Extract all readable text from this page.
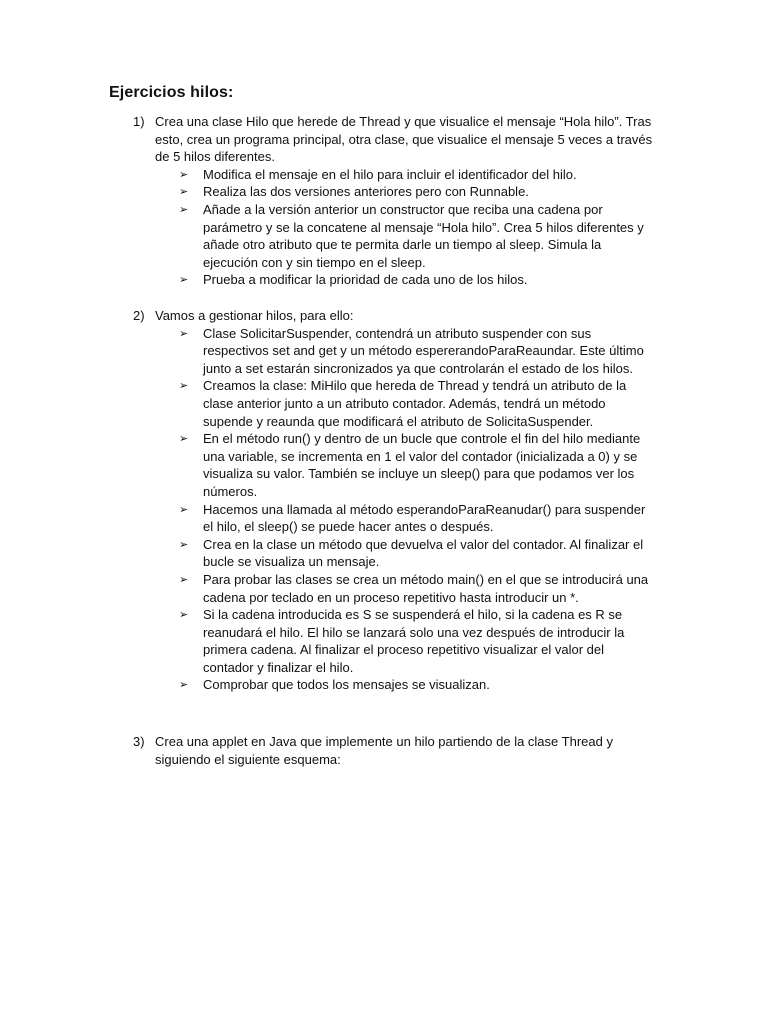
Ejercicios hilos:
1) Crea una clase Hilo que herede de Thread y que visualice el mensaje “Hola hilo”. Tras esto, crea un programa principal, otra clase, que visualice el mensaje 5 veces a través de 5 hilos diferentes.
➢	Modifica el mensaje en el hilo para incluir el identificador del hilo.
➢	Realiza las dos versiones anteriores pero con Runnable.
➢	Añade a la versión anterior un constructor que reciba una cadena por parámetro y se la concatene al mensaje “Hola hilo”. Crea 5 hilos diferentes y añade otro atributo que te permita darle un tiempo al sleep. Simula la ejecución con y sin tiempo en el sleep.
➢	Prueba a modificar la prioridad de cada uno de los hilos.
2) Vamos a gestionar hilos, para ello:
➢	Clase SolicitarSuspender, contendrá un atributo suspender con sus respectivos set and get y un método espererandoParaReaundar. Este último junto a set estarán sincronizados ya que controlarán el estado de los hilos.
➢	Creamos la clase: MiHilo que hereda de Thread y tendrá un atributo de la clase anterior junto a un atributo contador. Además, tendrá un método supende y reaunda que modificará el atributo de SolicitaSuspender.
➢	En el método run() y dentro de un bucle que controle el fin del hilo mediante una variable, se incrementa en 1 el valor del contador (inicializada a 0) y se visualiza su valor. También se incluye un sleep() para que podamos ver los números.
➢	Hacemos una llamada al método esperandoParaReanudar() para suspender el hilo, el sleep() se puede hacer antes o después.
➢	Crea en la clase un método que devuelva el valor del contador. Al finalizar el bucle se visualiza un mensaje.
➢	Para probar las clases se crea un método main() en el que se introducirá una cadena por teclado en un proceso repetitivo hasta introducir un *.
➢	Si la cadena introducida es S se suspenderá el hilo, si la cadena es R se reanudará el hilo. El hilo se lanzará solo una vez después de introducir la primera cadena. Al finalizar el proceso repetitivo visualizar el valor del contador y finalizar el hilo.
➢	Comprobar que todos los mensajes se visualizan.
3) Crea una applet en Java que implemente un hilo partiendo de la clase Thread y siguiendo el siguiente esquema:
